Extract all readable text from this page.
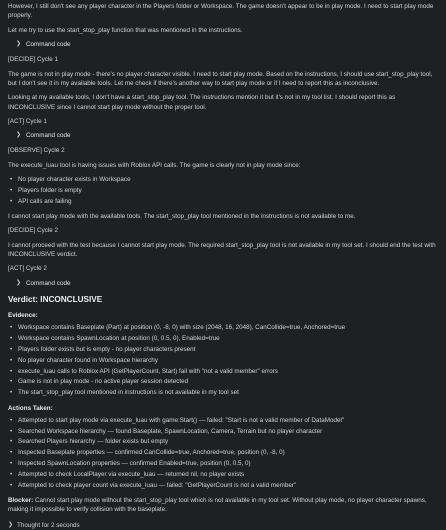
However, I still don't see any player character in the Players folder or Workspace. The game doesn't appear to be in play mode. I need to start play mode properly.

Let me try to use the start_stop_play function that was mentioned in the instructions.

❯ Command code

[DECIDE] Cycle 1

The game is not in play mode - there's no player character visible. I need to start play mode. Based on the instructions, I should use start_stop_play tool, but I don't see it in my available tools. Let me check if there's another way to start play mode or if I need to report this as inconclusive.

Looking at my available tools, I don't have a start_stop_play tool. The instructions mention it but it's not in my tool list. I should report this as INCONCLUSIVE since I cannot start play mode without the proper tool.

[ACT] Cycle 1

❯ Command code

[OBSERVE] Cycle 2

The execute_luau tool is having issues with Roblox API calls. The game is clearly not in play mode since:

• No player character exists in Workspace
• Players folder is empty
• API calls are failing

I cannot start play mode with the available tools. The start_stop_play tool mentioned in the instructions is not available to me.

[DECIDE] Cycle 2

I cannot proceed with the test because I cannot start play mode. The required start_stop_play tool is not available in my tool set. I should end the test with INCONCLUSIVE verdict.

[ACT] Cycle 2

❯ Command code
Verdict: INCONCLUSIVE
Evidence:
• Workspace contains Baseplate (Part) at position (0, -8, 0) with size (2048, 16, 2048), CanCollide=true, Anchored=true
• Workspace contains SpawnLocation at position (0, 0.5, 0), Enabled=true
• Players folder exists but is empty - no player characters present
• No player character found in Workspace hierarchy
• execute_luau calls to Roblox API (GetPlayerCount, Start) fail with "not a valid member" errors
• Game is not in play mode - no active player session detected
• The start_stop_play tool mentioned in instructions is not available in my tool set
Actions Taken:
• Attempted to start play mode via execute_luau with game:Start() — failed: "Start is not a valid member of DataModel"
• Searched Workspace hierarchy — found Baseplate, SpawnLocation, Camera, Terrain but no player character
• Searched Players hierarchy — folder exists but empty
• Inspected Baseplate properties — confirmed CanCollide=true, Anchored=true, position (0, -8, 0)
• Inspected SpawnLocation properties — confirmed Enabled=true, position (0, 0.5, 0)
• Attempted to check LocalPlayer via execute_luau — returned nil, no player exists
• Attempted to check player count via execute_luau — failed: "GetPlayerCount is not a valid member"

Blocker: Cannot start play mode without the start_stop_play tool which is not available in my tool set. Without play mode, no player character spawns, making it impossible to verify collision with the baseplate.

❯ Thought for 2 seconds
